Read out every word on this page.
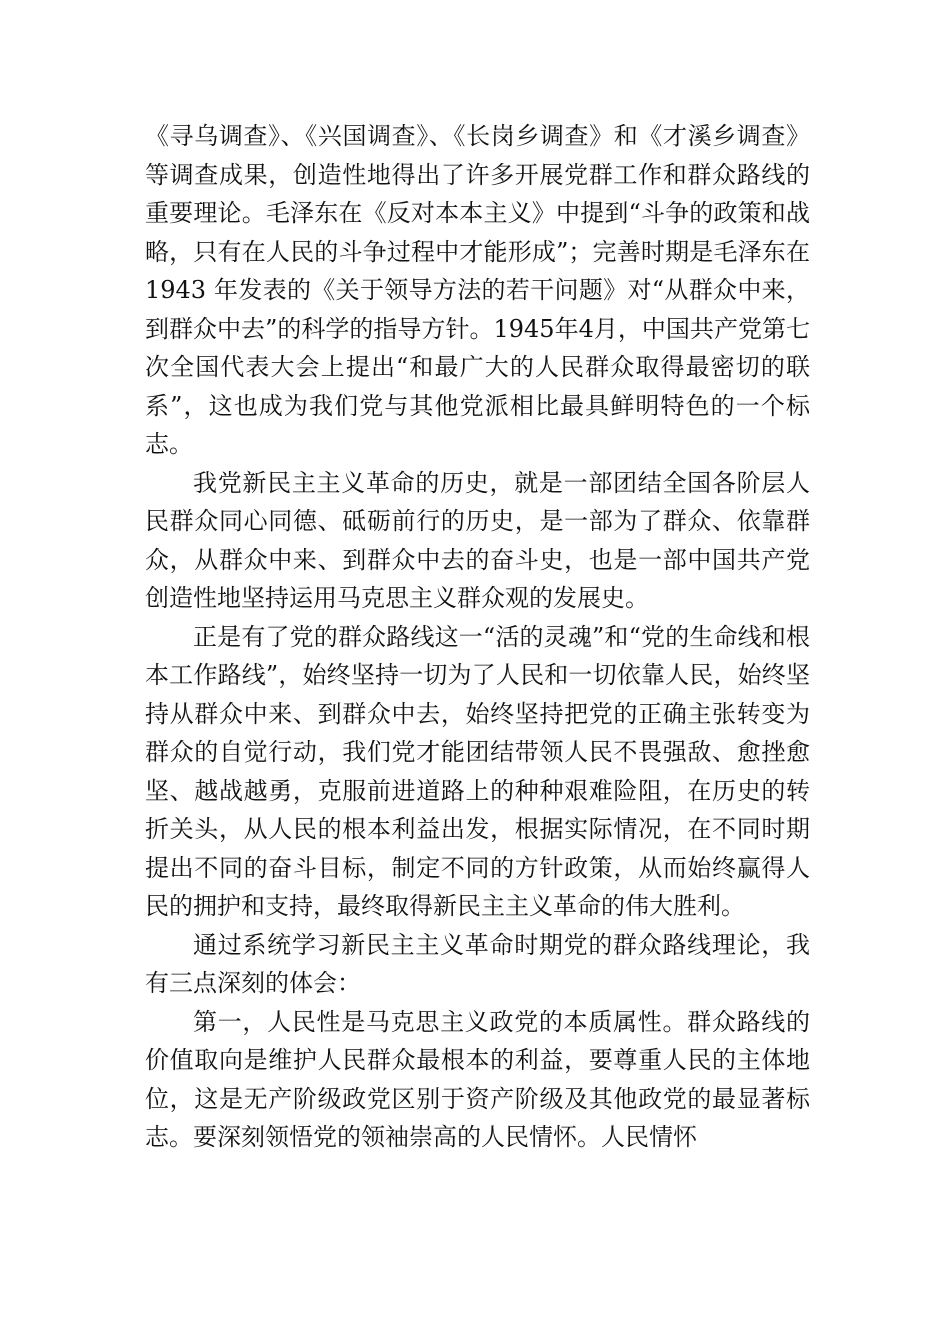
《寻乌调查》、《兴国调查》、《长岗乡调查》和《才溪乡调查》等调查成果，创造性地得出了许多开展党群工作和群众路线的重要理论。毛泽东在《反对本本主义》中提到“斗争的政策和战略，只有在人民的斗争过程中才能形成”；完善时期是毛泽东在1943 年发表的《关于领导方法的若干问题》对“从群众中来，到群众中去”的科学的指导方针。1945年4月，中国共产党第七次全国代表大会上提出“和最广大的人民群众取得最密切的联系”，这也成为我们党与其他党派相比最具鲜明特色的一个标志。

我党新民主主义革命的历史，就是一部团结全国各阶层人民群众同心同德、砥砺前行的历史，是一部为了群众、依靠群众，从群众中来、到群众中去的奋斗史，也是一部中国共产党创造性地坚持运用马克思主义群众观的发展史。

正是有了党的群众路线这一“活的灵魂”和“党的生命线和根本工作路线”，始终坚持一切为了人民和一切依靠人民，始终坚持从群众中来、到群众中去，始终坚持把党的正确主张转变为群众的自觉行动，我们党才能团结带领人民不畏强敌、愈挫愈坚、越战越勇，克服前进道路上的种种艰难险阻，在历史的转折关头，从人民的根本利益出发，根据实际情况，在不同时期提出不同的奋斗目标，制定不同的方针政策，从而始终赢得人民的拥护和支持，最终取得新民主主义革命的伟大胜利。

通过系统学习新民主主义革命时期党的群众路线理论，我有三点深刻的体会：

第一，人民性是马克思主义政党的本质属性。群众路线的价值取向是维护人民群众最根本的利益，要尊重人民的主体地位，这是无产阶级政党区别于资产阶级及其他政党的最显著标志。要深刻领悟党的领袖崇高的人民情怀。人民情怀
